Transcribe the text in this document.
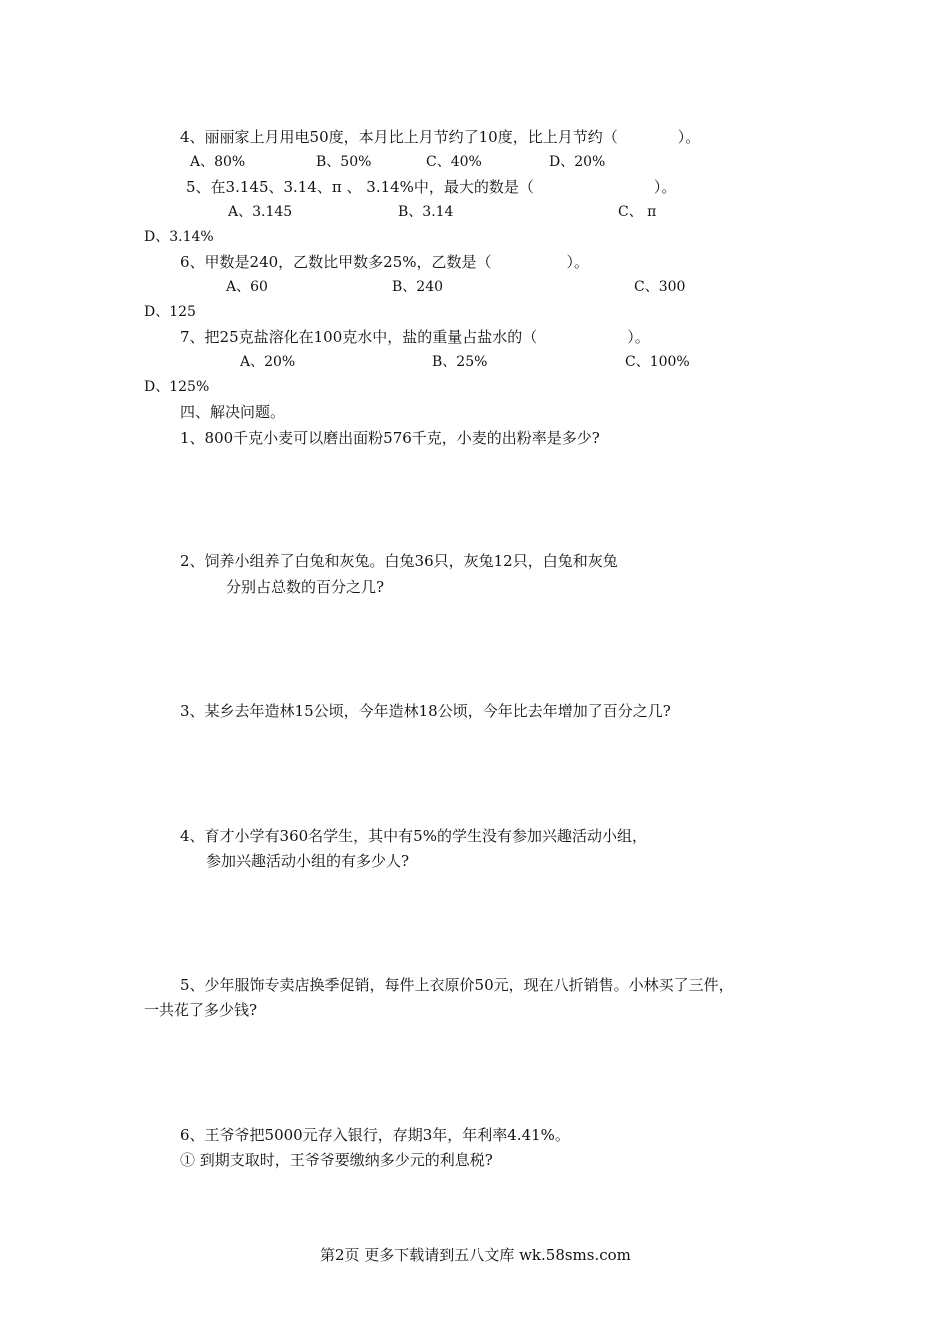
4、丽丽家上月用电50度，本月比上月节约了10度，比上月节约（　　　　）。
A、80%	B、50%	C、40%	D、20%
5、在3.145、3.14、π 、 3.14%中，最大的数是（　　　　　　　　）。
A、3.145	B、3.14	C、 π
D、3.14%
6、甲数是240，乙数比甲数多25%，乙数是（　　　　　）。
A、60	B、240	C、300
D、125
7、把25克盐溶化在100克水中，盐的重量占盐水的（　　　　　　）。
A、20%	B、25%	C、100%
D、125%
四、解决问题。
1、800千克小麦可以磨出面粉576千克，小麦的出粉率是多少?
2、饲养小组养了白兔和灰兔。白兔36只，灰兔12只，白兔和灰兔
分别占总数的百分之几?
3、某乡去年造林15公顷，今年造林18公顷，今年比去年增加了百分之几?
4、育才小学有360名学生，其中有5%的学生没有参加兴趣活动小组，
参加兴趣活动小组的有多少人?
5、少年服饰专卖店换季促销，每件上衣原价50元，现在八折销售。小林买了三件，
一共花了多少钱?
6、王爷爷把5000元存入银行，存期3年，年利率4.41%。
① 到期支取时，王爷爷要缴纳多少元的利息税?
第2页 更多下载请到五八文库 wk.58sms.com
